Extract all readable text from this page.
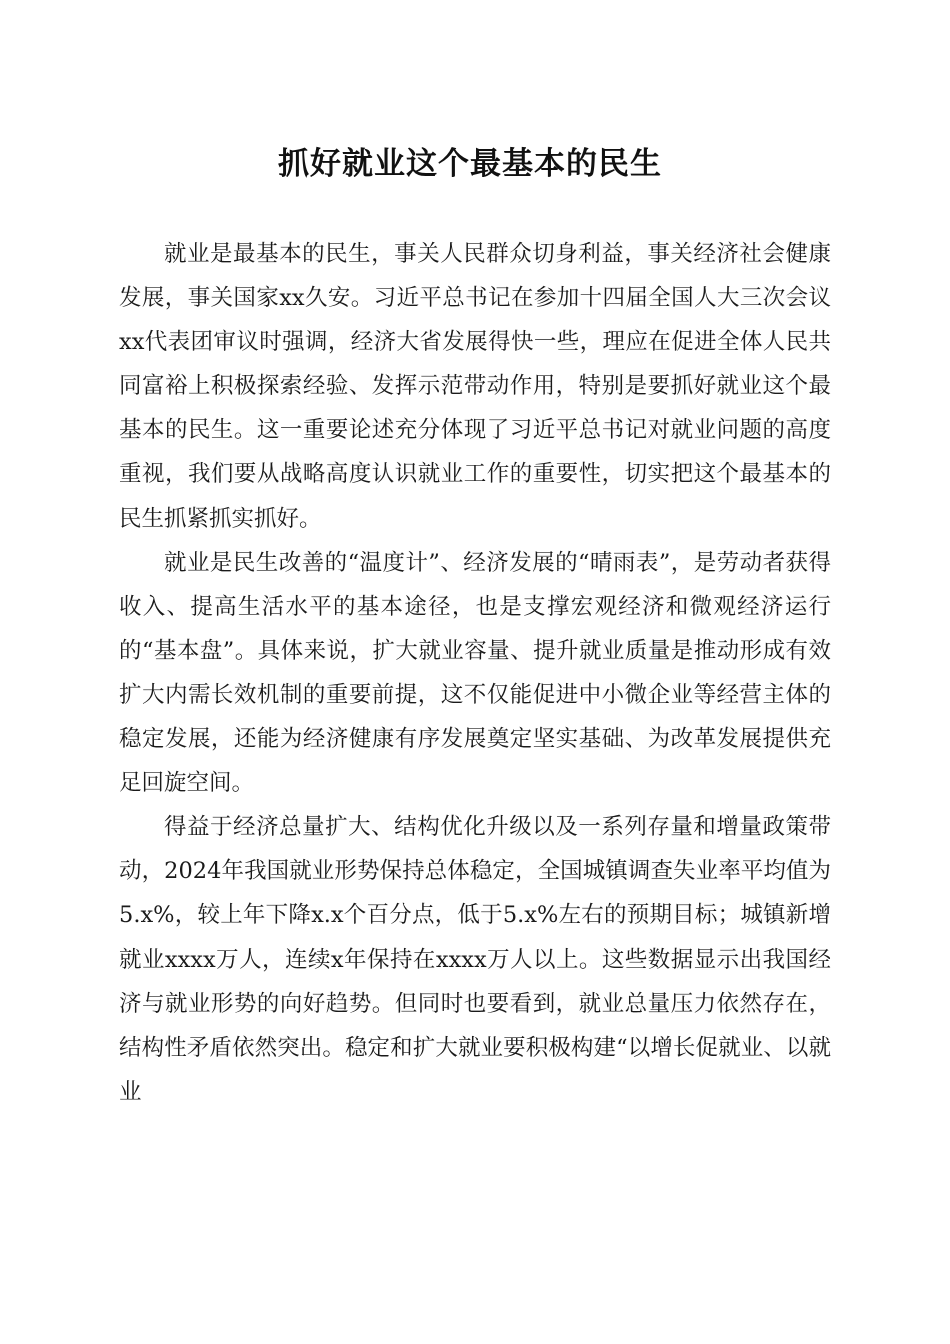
抓好就业这个最基本的民生

就业是最基本的民生，事关人民群众切身利益，事关经济社会健康发展，事关国家xx久安。习近平总书记在参加十四届全国人大三次会议xx代表团审议时强调，经济大省发展得快一些，理应在促进全体人民共同富裕上积极探索经验、发挥示范带动作用，特别是要抓好就业这个最基本的民生。这一重要论述充分体现了习近平总书记对就业问题的高度重视，我们要从战略高度认识就业工作的重要性，切实把这个最基本的民生抓紧抓实抓好。

就业是民生改善的“温度计”、经济发展的“晴雨表”，是劳动者获得收入、提高生活水平的基本途径，也是支撑宏观经济和微观经济运行的“基本盘”。具体来说，扩大就业容量、提升就业质量是推动形成有效扩大内需长效机制的重要前提，这不仅能促进中小微企业等经营主体的稳定发展，还能为经济健康有序发展奠定坚实基础、为改革发展提供充足回旋空间。

得益于经济总量扩大、结构优化升级以及一系列存量和增量政策带动，2024年我国就业形势保持总体稳定，全国城镇调查失业率平均值为5.x%，较上年下降x.x个百分点，低于5.x%左右的预期目标；城镇新增就业xxxx万人，连续x年保持在xxxx万人以上。这些数据显示出我国经济与就业形势的向好趋势。但同时也要看到，就业总量压力依然存在，结构性矛盾依然突出。稳定和扩大就业要积极构建“以增长促就业、以就业
